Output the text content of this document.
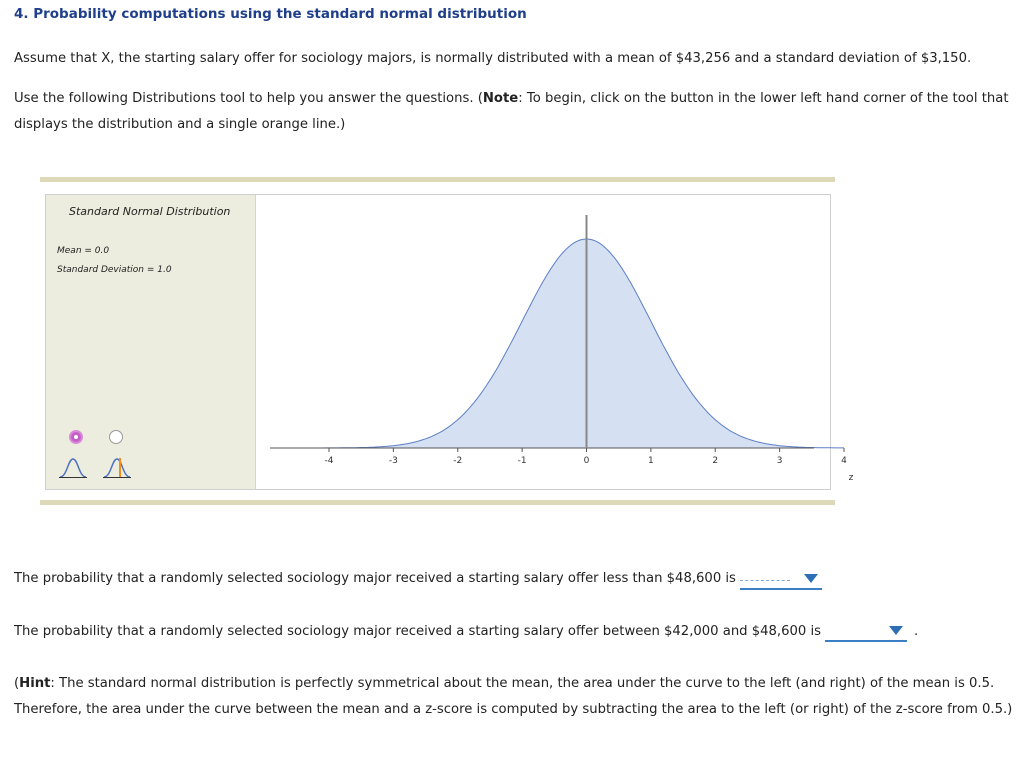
4. Probability computations using the standard normal distribution
Assume that X, the starting salary offer for sociology majors, is normally distributed with a mean of $43,256 and a standard deviation of $3,150.
Use the following Distributions tool to help you answer the questions. (Note: To begin, click on the button in the lower left hand corner of the tool that displays the distribution and a single orange line.)
Standard Normal Distribution
Mean = 0.0
Standard Deviation = 1.0
-4	-3	-2	-1	0	1	2	3	4
z
The probability that a randomly selected sociology major received a starting salary offer less than $48,600 is
The probability that a randomly selected sociology major received a starting salary offer between $42,000 and $48,600 is	.
(Hint: The standard normal distribution is perfectly symmetrical about the mean, the area under the curve to the left (and right) of the mean is 0.5. Therefore, the area under the curve between the mean and a z-score is computed by subtracting the area to the left (or right) of the z-score from 0.5.)
